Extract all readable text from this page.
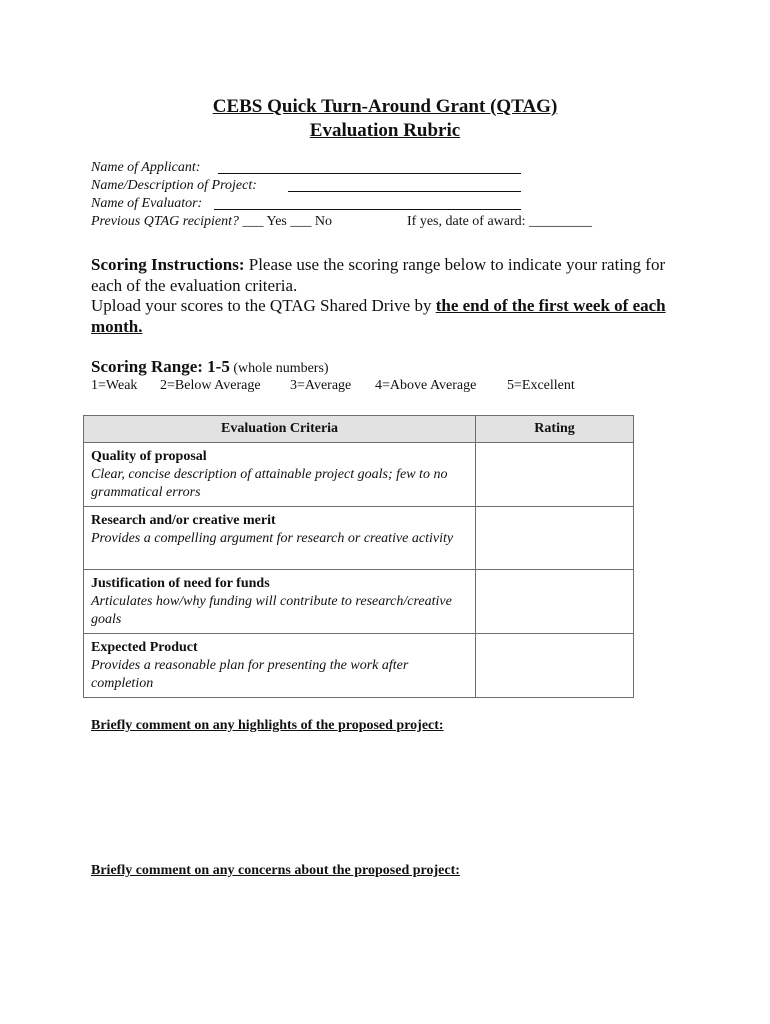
CEBS Quick Turn-Around Grant (QTAG)
Evaluation Rubric
Name of Applicant:
Name/Description of Project:
Name of Evaluator:
Previous QTAG recipient? ___ Yes ___ No	If yes, date of award: _________
Scoring Instructions: Please use the scoring range below to indicate your rating for each of the evaluation criteria.
Upload your scores to the QTAG Shared Drive by the end of the first week of each month.
Scoring Range: 1-5 (whole numbers)
1=Weak 2=Below Average 3=Average 4=Above Average 5=Excellent
Evaluation Criteria	Rating

Quality of proposal
Clear, concise description of attainable project goals; few to no grammatical errors	

Research and/or creative merit
Provides a compelling argument for research or creative activity	

Justification of need for funds
Articulates how/why funding will contribute to research/creative goals	

Expected Product
Provides a reasonable plan for presenting the work after completion	

Briefly comment on any highlights of the proposed project:
Briefly comment on any concerns about the proposed project:
